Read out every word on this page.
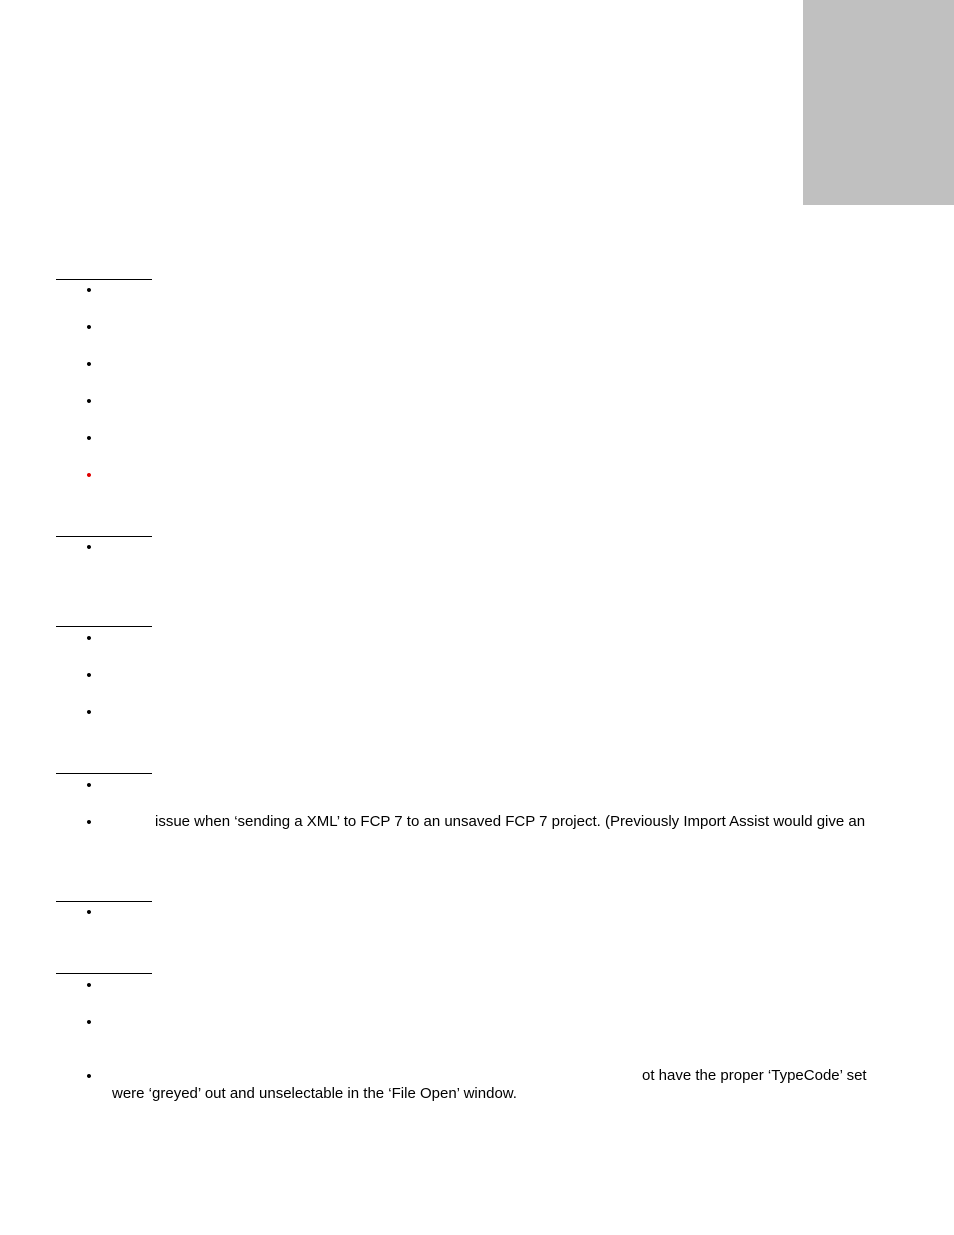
•
•
•
•
•
•
•
•
•
•
•
•

issue when ‘sending a XML’ to FCP 7 to an unsaved FCP 7 project. (Previously Import Assist would give an

•
•
•
•

ot have the proper ‘TypeCode’ set

were ‘greyed’ out and unselectable in the ‘File Open’ window.
